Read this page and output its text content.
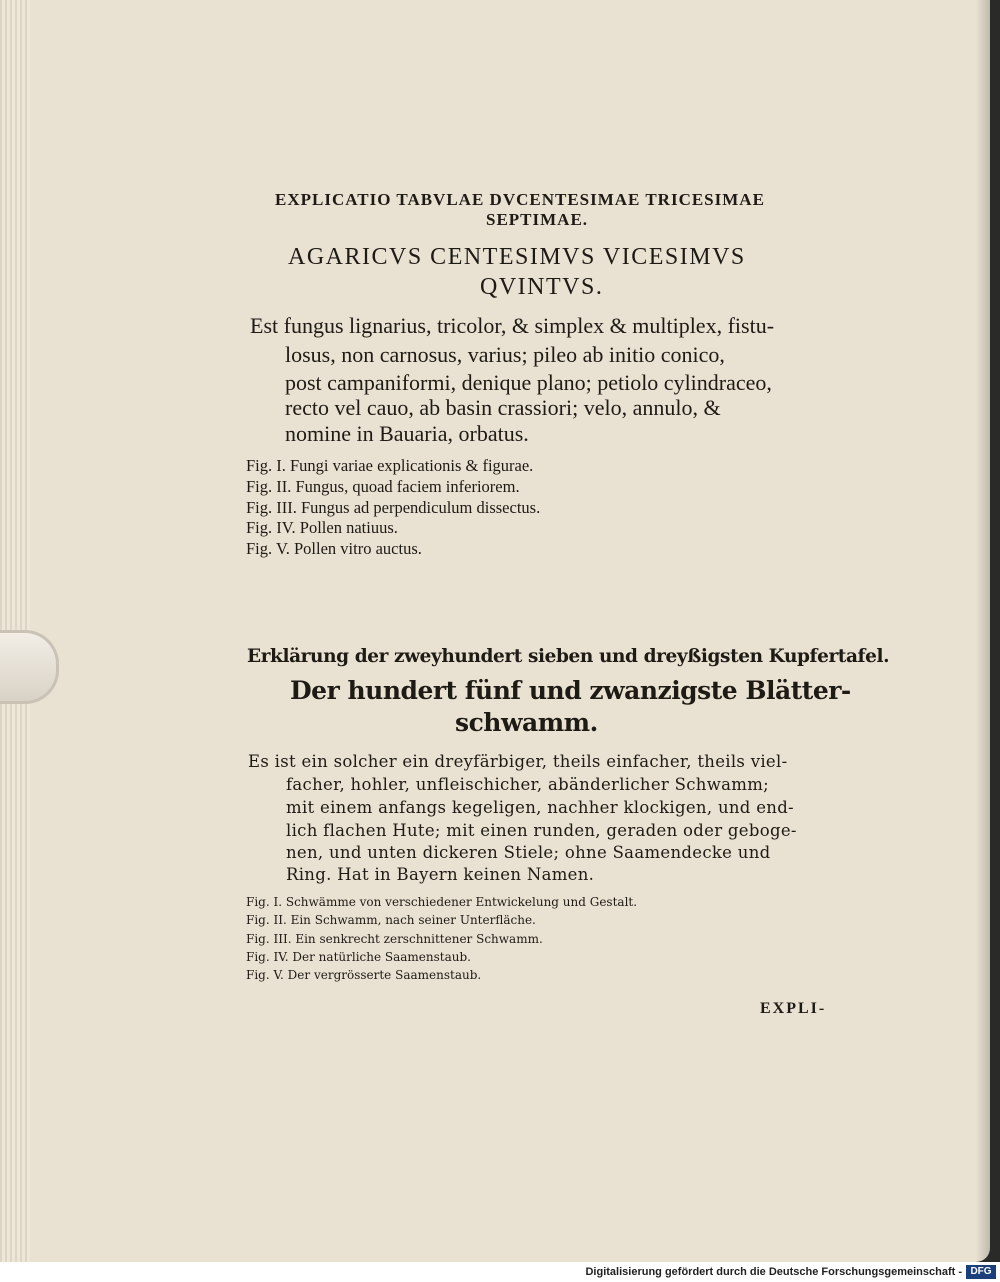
EXPLICATIO TABVLAE DVCENTESIMAE TRICESIMAE
SEPTIMAE.
AGARICVS CENTESIMVS VICESIMVS
QVINTVS.
Est fungus lignarius, tricolor, & simplex & multiplex, fistu-
losus, non carnosus, varius; pileo ab initio conico,
post campaniformi, denique plano; petiolo cylindraceo,
recto vel cauo, ab basin crassiori; velo, annulo, &
nomine in Bauaria, orbatus.
Fig. I. Fungi variae explicationis & figurae.
Fig. II. Fungus, quoad faciem inferiorem.
Fig. III. Fungus ad perpendiculum dissectus.
Fig. IV. Pollen natiuus.
Fig. V. Pollen vitro auctus.
Erklärung der zweyhundert sieben und dreyßigsten Kupfertafel.
Der hundert fünf und zwanzigste Blätter-
schwamm.
Es ist ein solcher ein dreyfärbiger, theils einfacher, theils viel-
facher, hohler, unfleischicher, abänderlicher Schwamm;
mit einem anfangs kegeligen, nachher klockigen, und end-
lich flachen Hute; mit einen runden, geraden oder geboge-
nen, und unten dickeren Stiele; ohne Saamendecke und
Ring. Hat in Bayern keinen Namen.
Fig. I. Schwämme von verschiedener Entwickelung und Gestalt.
Fig. II. Ein Schwamm, nach seiner Unterfläche.
Fig. III. Ein senkrecht zerschnittener Schwamm.
Fig. IV. Der natürliche Saamenstaub.
Fig. V. Der vergrösserte Saamenstaub.
EXPLI-
Digitalisierung gefördert durch die Deutsche Forschungsgemeinschaft - DFG
